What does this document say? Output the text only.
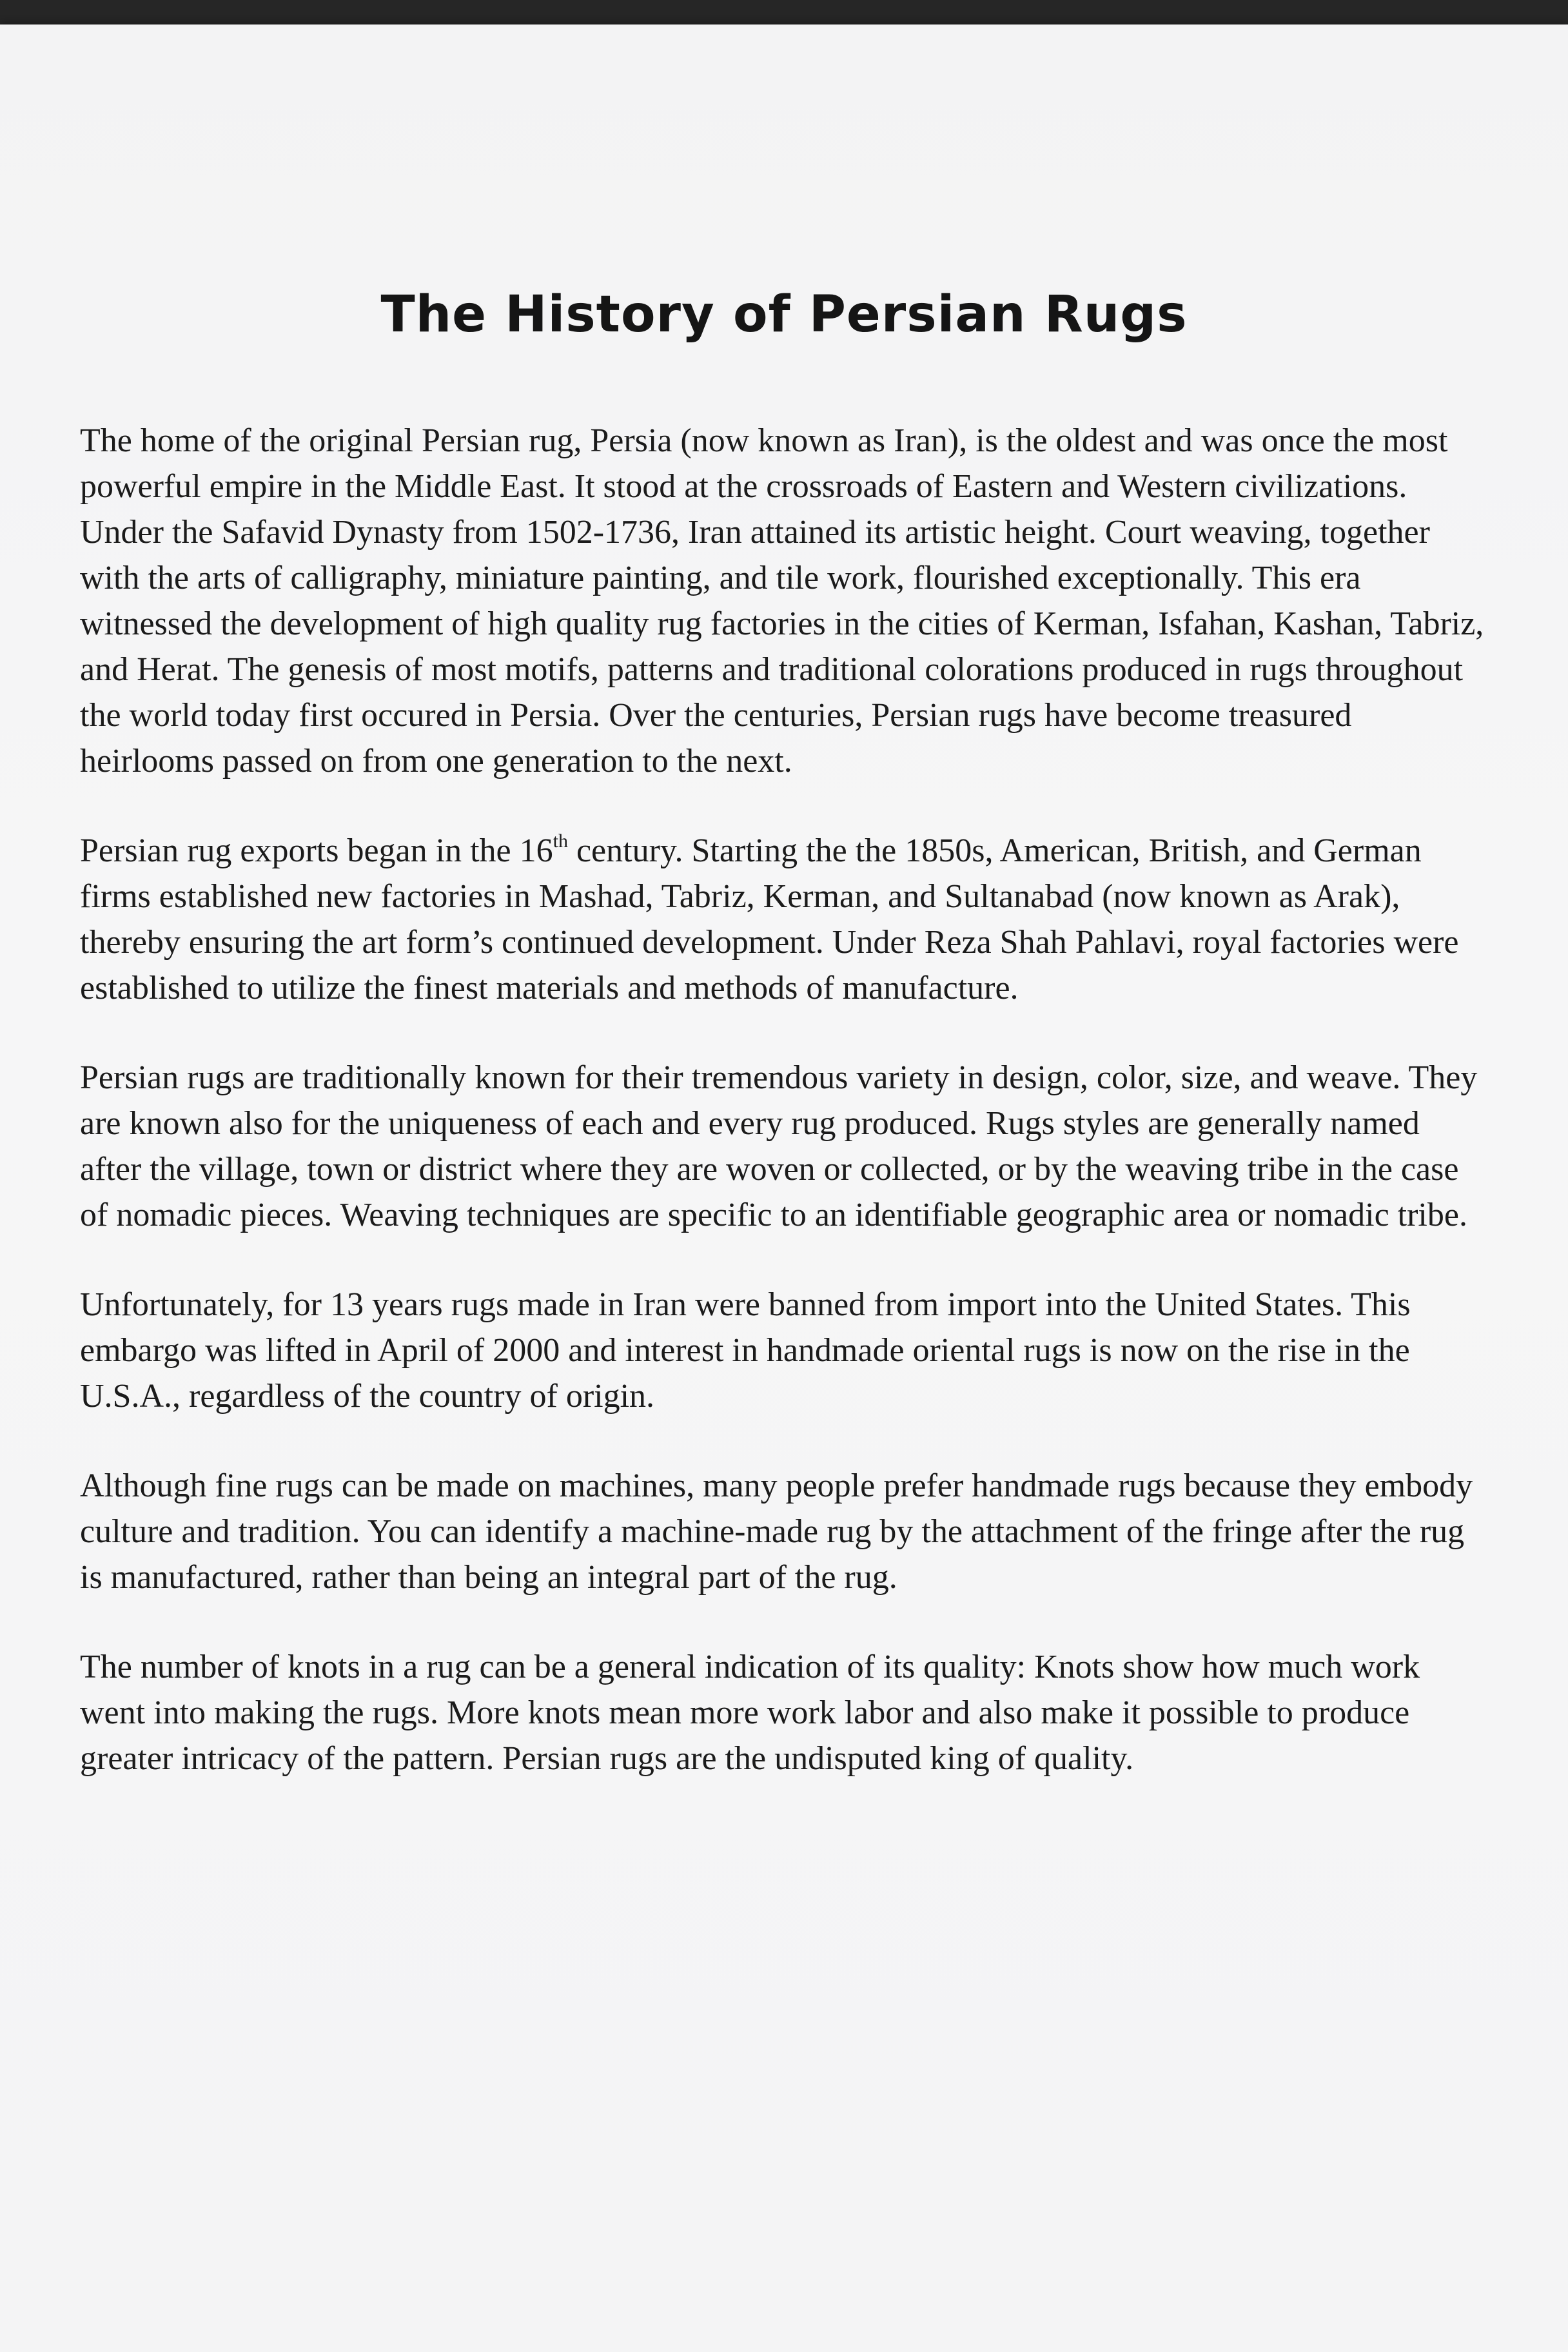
The History of Persian Rugs

The home of the original Persian rug, Persia (now known as Iran), is the oldest and was once the most powerful empire in the Middle East. It stood at the crossroads of Eastern and Western civilizations. Under the Safavid Dynasty from 1502-1736, Iran attained its artistic height. Court weaving, together with the arts of calligraphy, miniature painting, and tile work, flourished exceptionally. This era witnessed the development of high quality rug factories in the cities of Kerman, Isfahan, Kashan, Tabriz, and Herat. The genesis of most motifs, patterns and traditional colorations produced in rugs throughout the world today first occured in Persia. Over the centuries, Persian rugs have become treasured heirlooms passed on from one generation to the next.

Persian rug exports began in the 16th century. Starting the the 1850s, American, British, and German firms established new factories in Mashad, Tabriz, Kerman, and Sultanabad (now known as Arak), thereby ensuring the art form’s continued development. Under Reza Shah Pahlavi, royal factories were established to utilize the finest materials and methods of manufacture.

Persian rugs are traditionally known for their tremendous variety in design, color, size, and weave. They are known also for the uniqueness of each and every rug produced. Rugs styles are generally named after the village, town or district where they are woven or collected, or by the weaving tribe in the case of nomadic pieces. Weaving techniques are specific to an identifiable geographic area or nomadic tribe.

Unfortunately, for 13 years rugs made in Iran were banned from import into the United States. This embargo was lifted in April of 2000 and interest in handmade oriental rugs is now on the rise in the U.S.A., regardless of the country of origin.

Although fine rugs can be made on machines, many people prefer handmade rugs because they embody culture and tradition. You can identify a machine-made rug by the attachment of the fringe after the rug is manufactured, rather than being an integral part of the rug.

The number of knots in a rug can be a general indication of its quality: Knots show how much work went into making the rugs. More knots mean more work labor and also make it possible to produce greater intricacy of the pattern. Persian rugs are the undisputed king of quality.
